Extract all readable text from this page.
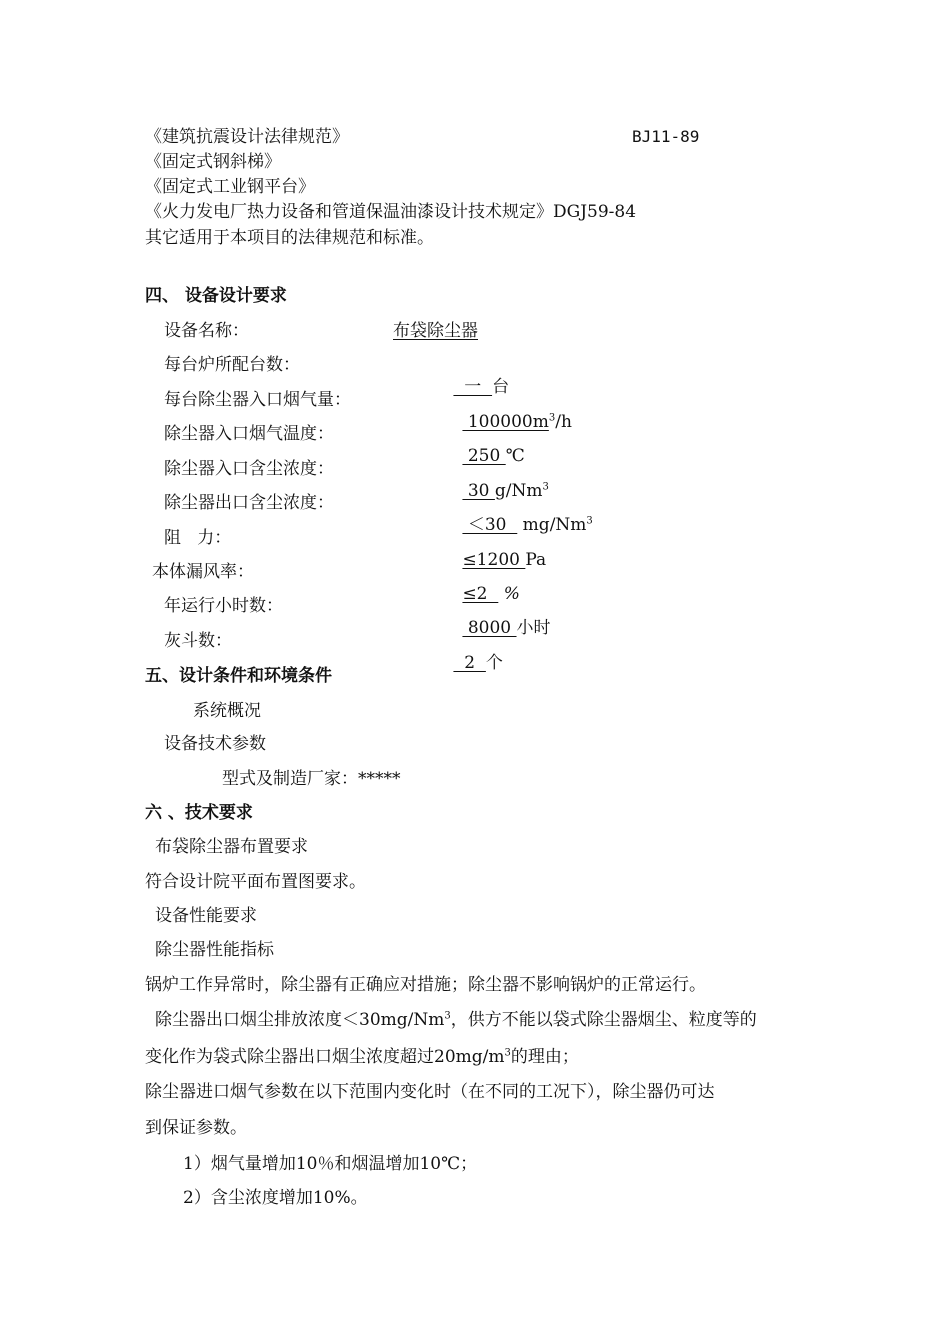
《建筑抗震设计法律规范》	BJ11-89
《固定式钢斜梯》
《固定式工业钢平台》
《火力发电厂热力设备和管道保温油漆设计技术规定》DGJ59-84
其它适用于本项目的法律规范和标准。
四、 设备设计要求
设备名称：	布袋除尘器
每台炉所配台数：

一  台

每台除尘器入口烟气量：

$100000m^3/h$

除尘器入口烟气温度：

250 ℃

除尘器入口含尘浓度：

30 g/Nm$^3$

除尘器出口含尘浓度：

＜30   mg/Nm$^3$

阻   力：

≤1200 Pa

本体漏风率：

≤2   %

年运行小时数：

8000 小时

灰斗数：

2  个

五、设计条件和环境条件
系统概况
设备技术参数
型式及制造厂家：*****
六 、技术要求
布袋除尘器布置要求
符合设计院平面布置图要求。
设备性能要求
除尘器性能指标
锅炉工作异常时，除尘器有正确应对措施；除尘器不影响锅炉的正常运行。
除尘器出口烟尘排放浓度$<30mg/Nm^3$，供方不能以袋式除尘器烟尘、粒度等的
变化作为袋式除尘器出口烟尘浓度超过$20mg/m^3$的理由；
除尘器进口烟气参数在以下范围内变化时（在不同的工况下），除尘器仍可达
到保证参数。
1）烟气量增加10％和烟温增加10℃；
2）含尘浓度增加10%。
